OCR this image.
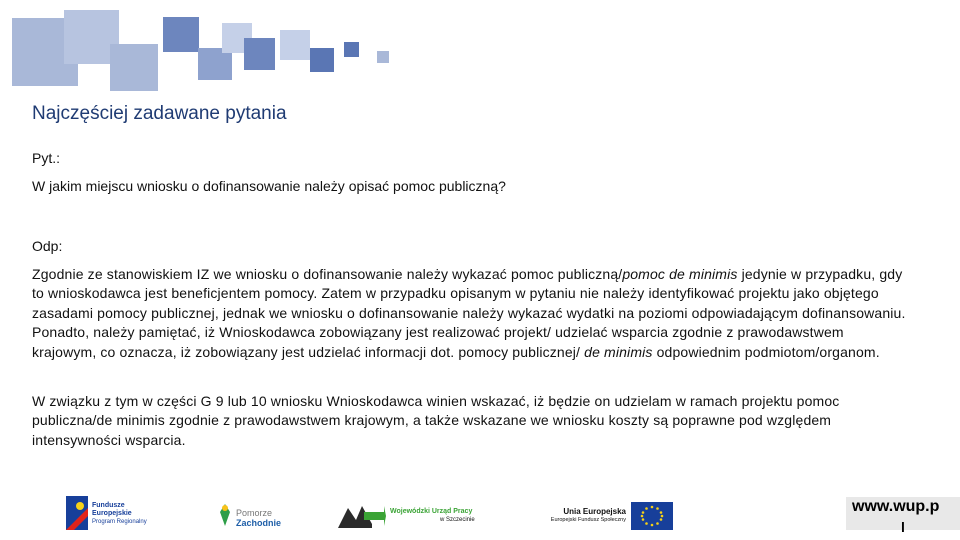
Najczęściej zadawane pytania
Pyt.:
W jakim miejscu wniosku o dofinansowanie należy opisać pomoc publiczną?
Odp:
Zgodnie ze stanowiskiem IZ we wniosku o dofinansowanie należy wykazać pomoc publiczną/pomoc de minimis jedynie w przypadku, gdy to wnioskodawca jest beneficjentem pomocy. Zatem w przypadku opisanym w pytaniu nie należy identyfikować projektu jako objętego zasadami pomocy publicznej, jednak we wniosku o dofinansowanie należy wykazać wydatki na poziomi odpowiadającym dofinansowaniu. Ponadto, należy pamiętać, iż Wnioskodawca zobowiązany jest realizować projekt/ udzielać wsparcia zgodnie z prawodawstwem krajowym, co oznacza, iż zobowiązany jest udzielać informacji dot. pomocy publicznej/ de minimis odpowiednim podmiotom/organom.
W związku z tym w części G 9 lub 10 wniosku Wnioskodawca winien wskazać, iż będzie on udzielam w ramach projektu pomoc publiczna/de minimis zgodnie z prawodawstwem krajowym, a także wskazane we wniosku koszty są poprawne pod względem intensywności wsparcia.
Fundusze
Europejskie
Program Regionalny
Pomorze
Zachodnie
Wojewódzki Urząd Pracy
w Szczecinie
Unia Europejska
Europejski Fundusz Społeczny
www.wup.p
l
